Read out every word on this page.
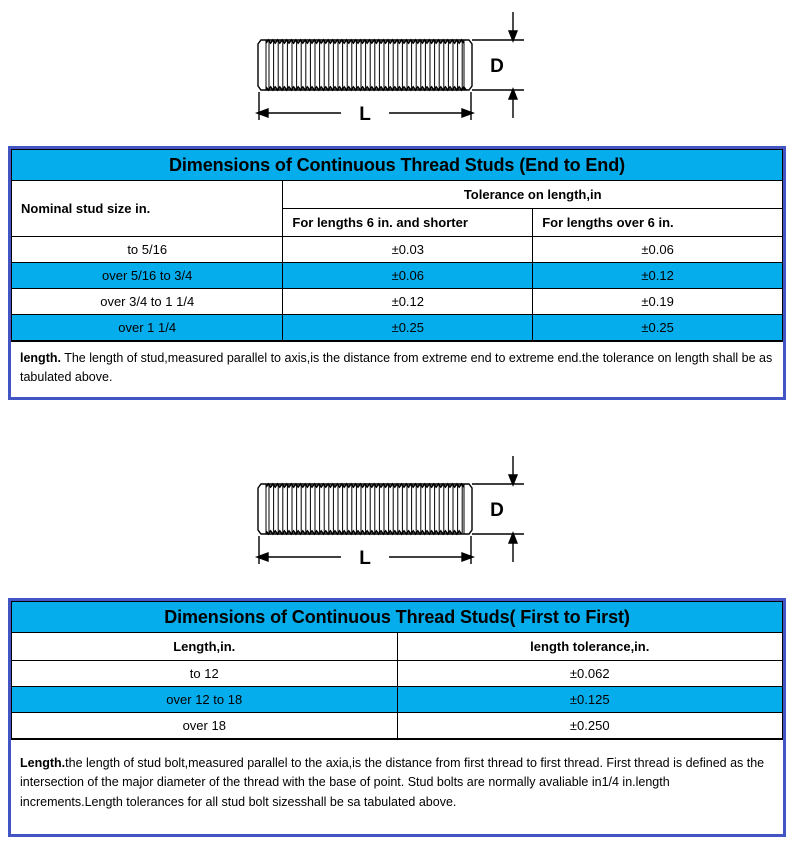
D
L
Dimensions of Continuous Thread Studs (End to End)		
Nominal stud size in.	Tolerance on length,in	
	For lengths 6 in. and shorter	For lengths over 6 in.
to 5/16	±0.03	±0.06
over 5/16 to 3/4	±0.06	±0.12
over 3/4 to 1 1/4	±0.12	±0.19
over 1 1/4	±0.25	±0.25
length. The length of stud,measured parallel to axis,is the distance from extreme end to extreme end.the tolerance on length shall be as tabulated above.
D
L
Dimensions of Continuous Thread Studs( First to First)	
Length,in.	length tolerance,in.
to 12	±0.062
over 12 to 18	±0.125
over 18	±0.250
Length.the length of stud bolt,measured parallel to the axia,is the distance from first thread to first thread. First thread is defined as the intersection of the major diameter of the thread with the base of point. Stud bolts are normally avaliable in1/4 in.length increments.Length tolerances for all stud bolt sizesshall be sa tabulated above.
